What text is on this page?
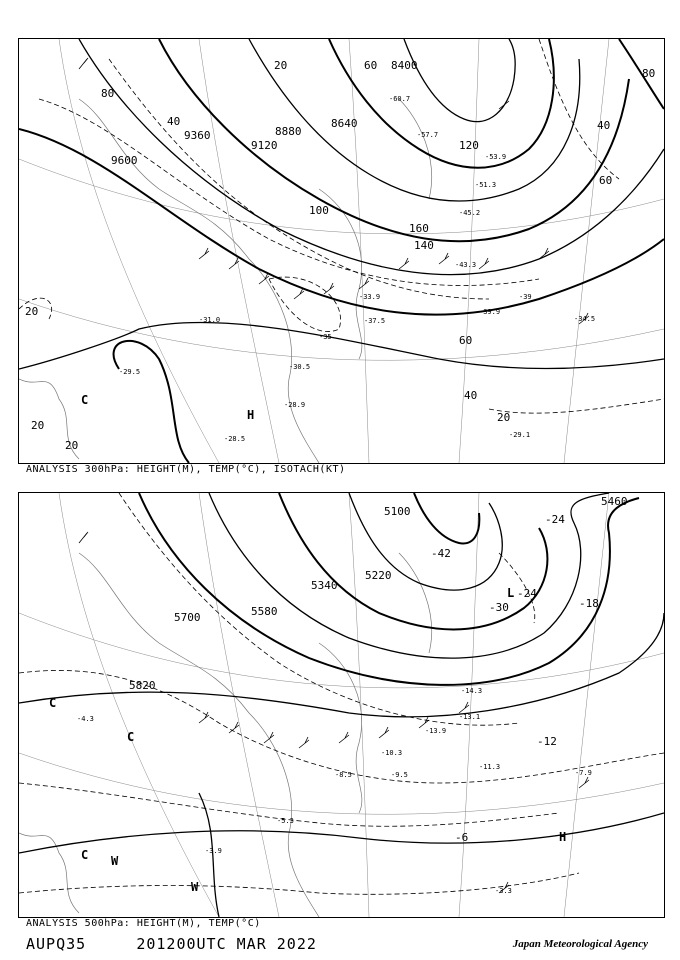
9600
9360
9120
8880
8640
8400
80
40
20	60
100
140
160
120
60
80
40
20
20
20
20
60
40
-31.0
-29.5
-30.5
-28.9
-28.5
-33.9
-37.5	-34.5
-39.9
-43.3
-45.2
-51.3
-53.9
-57.7
-60.7
-29.1
-35
-39
H
C
ANALYSIS 300hPa: HEIGHT(M), TEMP(°C), ISOTACH(KT)
5460
5100
5340
5220
5580
5700
5820
-42
-30
-24
-24
-18
-12
-6
-11.3
-10.3
-9.5
-8.5
-13.1
-14.3
-13.9
-3.3
-7.9
-4.3
-3.9
-5.3
H
L
C
C
C W
W
ANALYSIS 500hPa: HEIGHT(M), TEMP(°C)
AUPQ35	201200UTC MAR 2022	Japan Meteorological Agency
